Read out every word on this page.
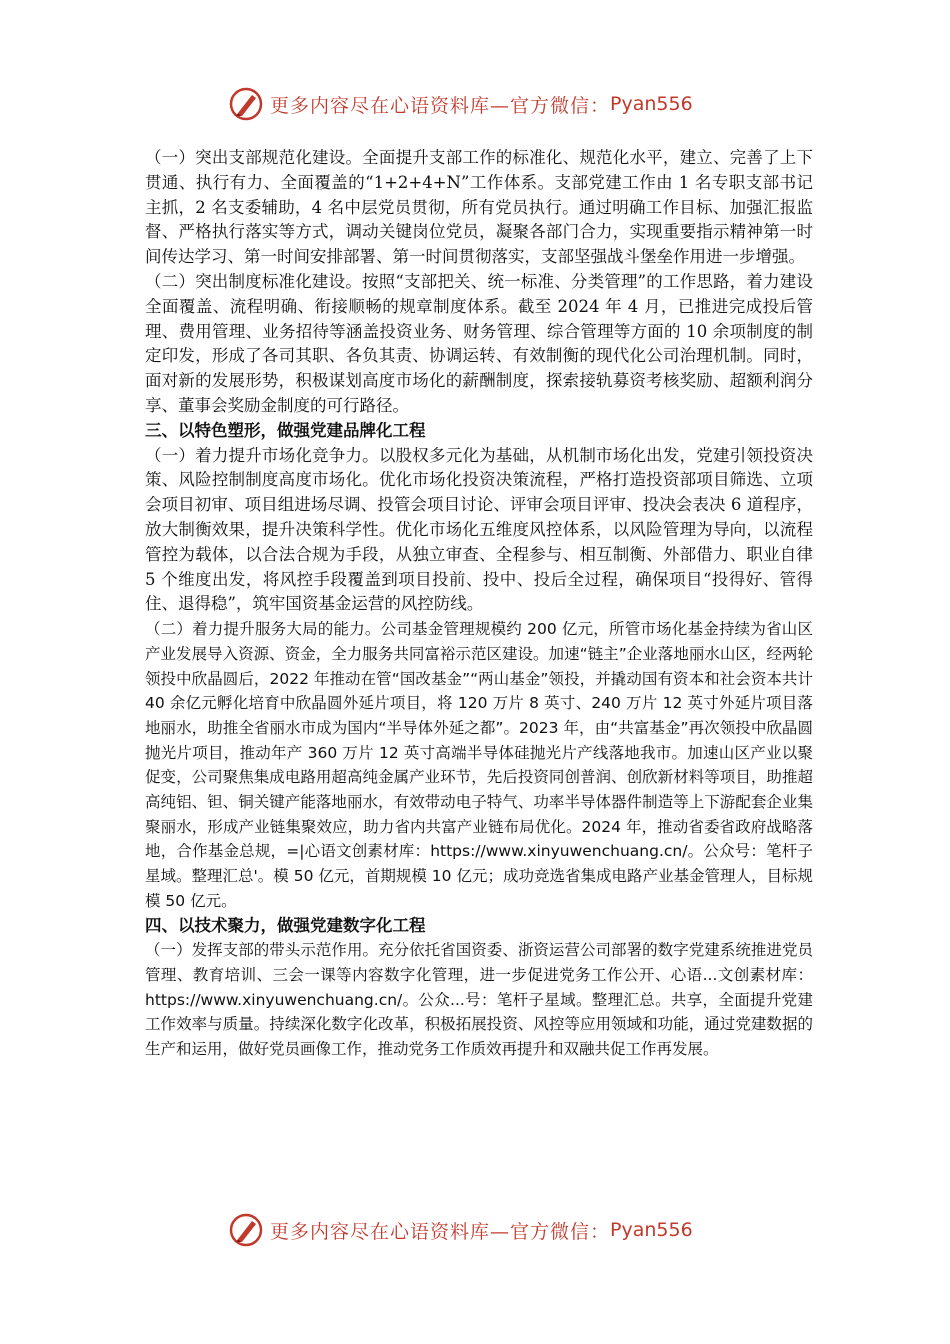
更多内容尽在心语资料库—官方微信： Pyan556

（一）突出支部规范化建设。全面提升支部工作的标准化、规范化水平，建立、完善了上下贯通、执行有力、全面覆盖的“1+2+4+N”工作体系。支部党建工作由 1 名专职支部书记主抓，2 名支委辅助，4 名中层党员贯彻，所有党员执行。通过明确工作目标、加强汇报监督、严格执行落实等方式，调动关键岗位党员，凝聚各部门合力，实现重要指示精神第一时间传达学习、第一时间安排部署、第一时间贯彻落实，支部坚强战斗堡垒作用进一步增强。

（二）突出制度标准化建设。按照“支部把关、统一标准、分类管理”的工作思路，着力建设全面覆盖、流程明确、衔接顺畅的规章制度体系。截至 2024 年 4 月，已推进完成投后管理、费用管理、业务招待等涵盖投资业务、财务管理、综合管理等方面的 10 余项制度的制定印发，形成了各司其职、各负其责、协调运转、有效制衡的现代化公司治理机制。同时，面对新的发展形势，积极谋划高度市场化的薪酬制度，探索接轨募资考核奖励、超额利润分享、董事会奖励金制度的可行路径。

三、以特色塑形，做强党建品牌化工程

（一）着力提升市场化竞争力。以股权多元化为基础，从机制市场化出发，党建引领投资决策、风险控制制度高度市场化。优化市场化投资决策流程，严格打造投资部项目筛选、立项会项目初审、项目组进场尽调、投管会项目讨论、评审会项目评审、投决会表决 6 道程序，放大制衡效果，提升决策科学性。优化市场化五维度风控体系，以风险管理为导向，以流程管控为载体，以合法合规为手段，从独立审查、全程参与、相互制衡、外部借力、职业自律 5 个维度出发，将风控手段覆盖到项目投前、投中、投后全过程，确保项目“投得好、管得住、退得稳”，筑牢国资基金运营的风控防线。

（二）着力提升服务大局的能力。公司基金管理规模约 200 亿元，所管市场化基金持续为省山区产业发展导入资源、资金，全力服务共同富裕示范区建设。加速“链主”企业落地丽水山区，经两轮领投中欣晶圆后，2022 年推动在管“国改基金”“两山基金”领投，并撬动国有资本和社会资本共计 40 余亿元孵化培育中欣晶圆外延片项目，将 120 万片 8 英寸、240 万片 12 英寸外延片项目落地丽水，助推全省丽水市成为国内“半导体外延之都”。2023 年，由“共富基金”再次领投中欣晶圆抛光片项目，推动年产 360 万片 12 英寸高端半导体硅抛光片产线落地我市。加速山区产业以聚促变，公司聚焦集成电路用超高纯金属产业环节，先后投资同创普润、创欣新材料等项目，助推超高纯铝、钽、铜关键产能落地丽水，有效带动电子特气、功率半导体器件制造等上下游配套企业集聚丽水，形成产业链集聚效应，助力省内共富产业链布局优化。2024 年，推动省委省政府战略落地，合作基金总规，=|心语文创素材库：https://www.xinyuwenchuang.cn/。公众号：笔杆子星域。整理汇总'。模 50 亿元，首期规模 10 亿元；成功竞选省集成电路产业基金管理人，目标规模 50 亿元。

四、以技术聚力，做强党建数字化工程

（一）发挥支部的带头示范作用。充分依托省国资委、浙资运营公司部署的数字党建系统推进党员管理、教育培训、三会一课等内容数字化管理，进一步促进党务工作公开、心语...文创素材库：https://www.xinyuwenchuang.cn/。公众...号：笔杆子星域。整理汇总。共享，全面提升党建工作效率与质量。持续深化数字化改革，积极拓展投资、风控等应用领域和功能，通过党建数据的生产和运用，做好党员画像工作，推动党务工作质效再提升和双融共促工作再发展。

更多内容尽在心语资料库—官方微信： Pyan556
